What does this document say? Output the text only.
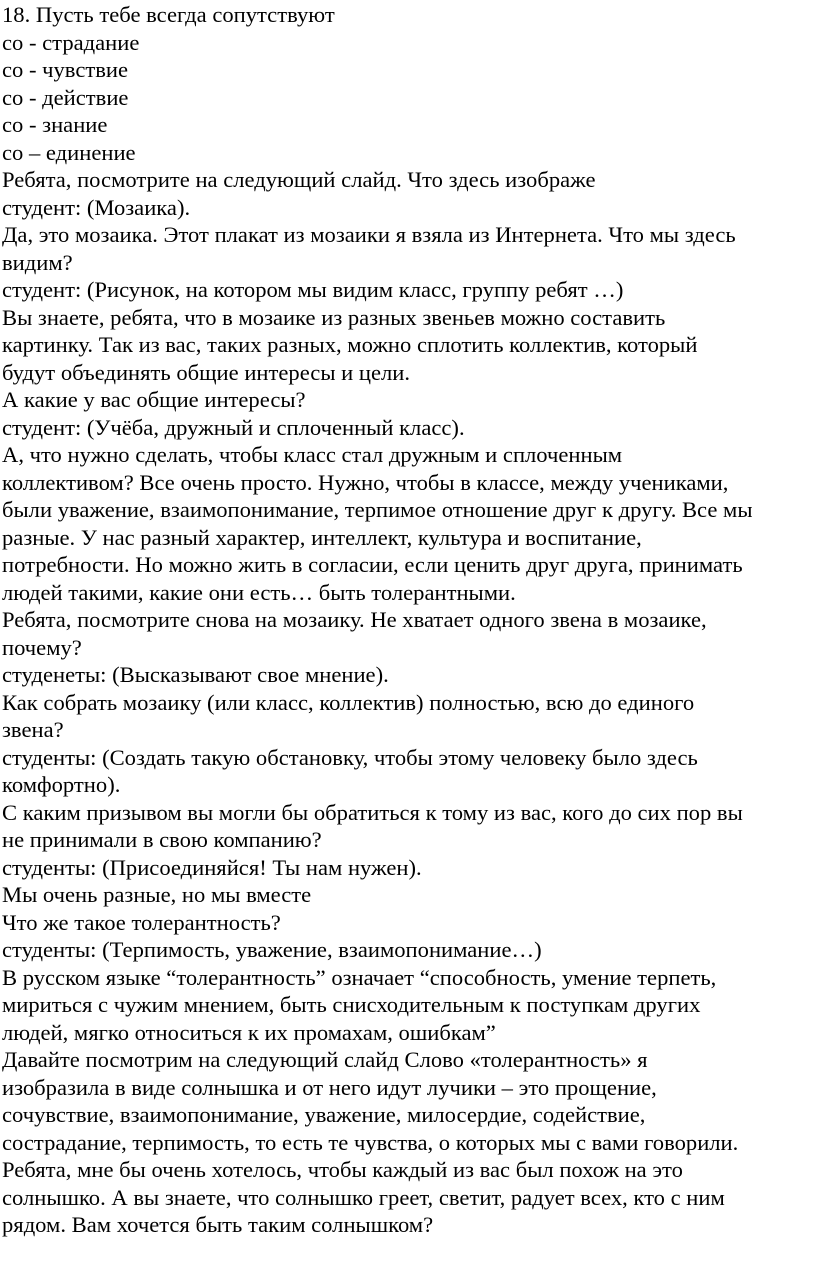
18. Пусть тебе всегда сопутствуют
со - страдание
со - чувствие
со - действие
со - знание
со – единение
Ребята, посмотрите на следующий слайд. Что здесь изображе
студент: (Мозаика).
Да, это мозаика. Этот плакат из мозаики я взяла из Интернета. Что мы здесь
видим?
студент: (Рисунок, на котором мы видим класс, группу ребят …)
Вы знаете, ребята, что в мозаике из разных звеньев можно составить
картинку. Так из вас, таких разных, можно сплотить коллектив, который
будут объединять общие интересы и цели.
А какие у вас общие интересы?
студент: (Учёба, дружный и сплоченный класс).
А, что нужно сделать, чтобы класс стал дружным и сплоченным
коллективом? Все очень просто. Нужно, чтобы в классе, между учениками,
были уважение, взаимопонимание, терпимое отношение друг к другу. Все мы
разные. У нас разный характер, интеллект, культура и воспитание,
потребности. Но можно жить в согласии, если ценить друг друга, принимать
людей такими, какие они есть… быть толерантными.
Ребята, посмотрите снова на мозаику. Не хватает одного звена в мозаике,
почему?
студенеты: (Высказывают свое мнение).
Как собрать мозаику (или класс, коллектив) полностью, всю до единого
звена?
студенты: (Создать такую обстановку, чтобы этому человеку было здесь
комфортно).
С каким призывом вы могли бы обратиться к тому из вас, кого до сих пор вы
не принимали в свою компанию?
студенты: (Присоединяйся! Ты нам нужен).
Мы очень разные, но мы вместе
Что же такое толерантность?
студенты: (Терпимость, уважение, взаимопонимание…)
В русском языке “толерантность” означает “способность, умение терпеть,
мириться с чужим мнением, быть снисходительным к поступкам других
людей, мягко относиться к их промахам, ошибкам”
Давайте посмотрим на следующий слайд Слово «толерантность» я
изобразила в виде солнышка и от него идут лучики – это прощение,
сочувствие, взаимопонимание, уважение, милосердие, содействие,
сострадание, терпимость, то есть те чувства, о которых мы с вами говорили.
Ребята, мне бы очень хотелось, чтобы каждый из вас был похож на это
солнышко. А вы знаете, что солнышко греет, светит, радует всех, кто с ним
рядом. Вам хочется быть таким солнышком?
